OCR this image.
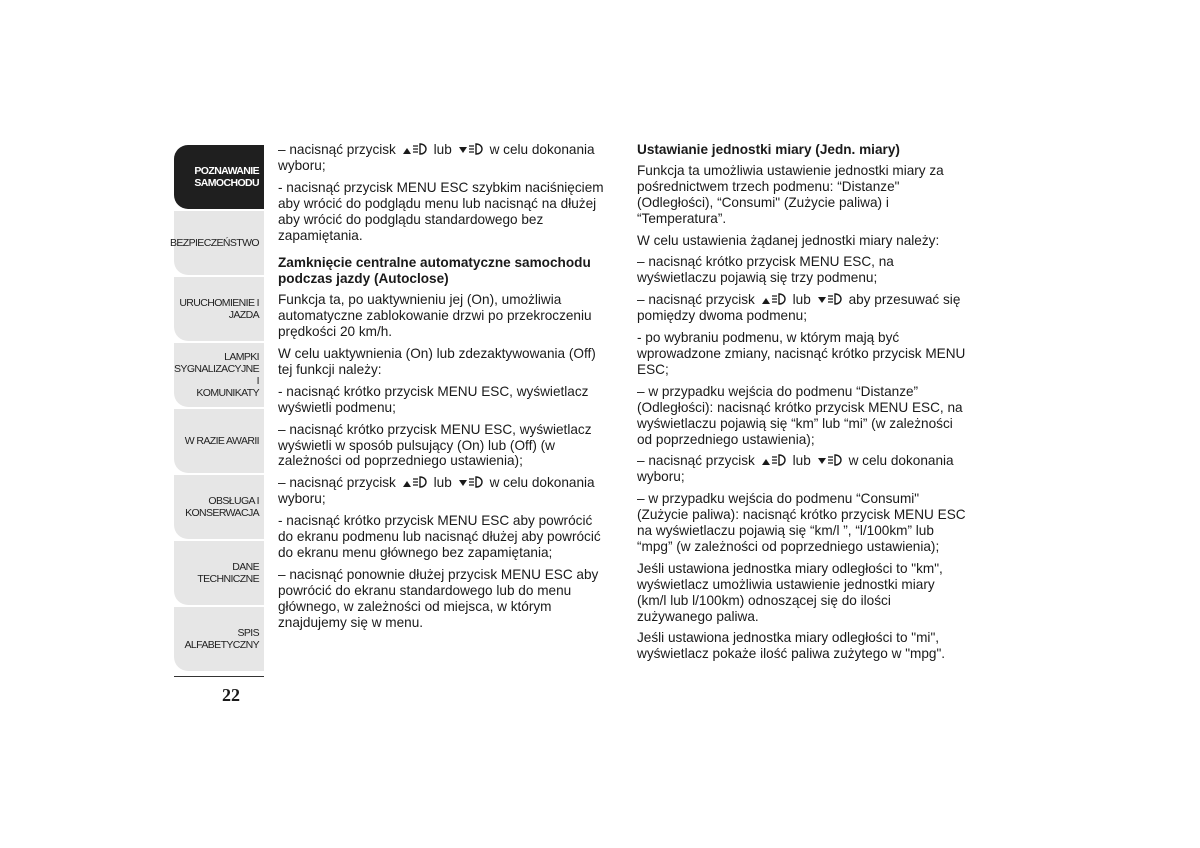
POZNAWANIE
SAMOCHODU
BEZPIECZEŃSTWO
URUCHOMIENIE I
JAZDA
LAMPKI
SYGNALIZACYJNE I
KOMUNIKATY
W RAZIE AWARII
OBSŁUGA I
KONSERWACJA
DANE TECHNICZNE
SPIS ALFABETYCZNY
22

– nacisnąć przycisk	lub	w celu dokonania wyboru;

- nacisnąć przycisk MENU ESC szybkim naciśnięciem aby wrócić do podglądu menu lub nacisnąć na dłużej aby wrócić do podglądu standardowego bez zapamiętania.

Zamknięcie centralne automatyczne samochodu podczas jazdy (Autoclose)

Funkcja ta, po uaktywnieniu jej (On), umożliwia automatyczne zablokowanie drzwi po przekroczeniu prędkości 20 km/h.

W celu uaktywnienia (On) lub zdezaktywowania (Off) tej funkcji należy:

- nacisnąć krótko przycisk MENU ESC, wyświetlacz wyświetli podmenu;

– nacisnąć krótko przycisk MENU ESC, wyświetlacz wyświetli w sposób pulsujący (On) lub (Off) (w zależności od poprzedniego ustawienia);

– nacisnąć przycisk	lub	w celu dokonania wyboru;

- nacisnąć krótko przycisk MENU ESC aby powrócić do ekranu podmenu lub nacisnąć dłużej aby powrócić do ekranu menu głównego bez zapamiętania;

– nacisnąć ponownie dłużej przycisk MENU ESC aby powrócić do ekranu standardowego lub do menu głównego, w zależności od miejsca, w którym znajdujemy się w menu.

Ustawianie jednostki miary (Jedn. miary)

Funkcja ta umożliwia ustawienie jednostki miary za pośrednictwem trzech podmenu: “Distanze" (Odległości), “Consumi" (Zużycie paliwa) i “Temperatura”.

W celu ustawienia żądanej jednostki miary należy:

– nacisnąć krótko przycisk MENU ESC, na wyświetlaczu pojawią się trzy podmenu;

– nacisnąć przycisk	lub	aby przesuwać się pomiędzy dwoma podmenu;

- po wybraniu podmenu, w którym mają być wprowadzone zmiany, nacisnąć krótko przycisk MENU ESC;

– w przypadku wejścia do podmenu “Distanze” (Odległości): nacisnąć krótko przycisk MENU ESC, na wyświetlaczu pojawią się “km” lub “mi” (w zależności od poprzedniego ustawienia);

– nacisnąć przycisk	lub	w celu dokonania wyboru;

– w przypadku wejścia do podmenu “Consumi" (Zużycie paliwa): nacisnąć krótko przycisk MENU ESC na wyświetlaczu pojawią się “km/l ”, “l/100km” lub “mpg” (w zależności od poprzedniego ustawienia);

Jeśli ustawiona jednostka miary odległości to "km", wyświetlacz umożliwia ustawienie jednostki miary (km/l lub l/100km) odnoszącej się do ilości zużywanego paliwa.

Jeśli ustawiona jednostka miary odległości to "mi", wyświetlacz pokaże ilość paliwa zużytego w "mpg".
